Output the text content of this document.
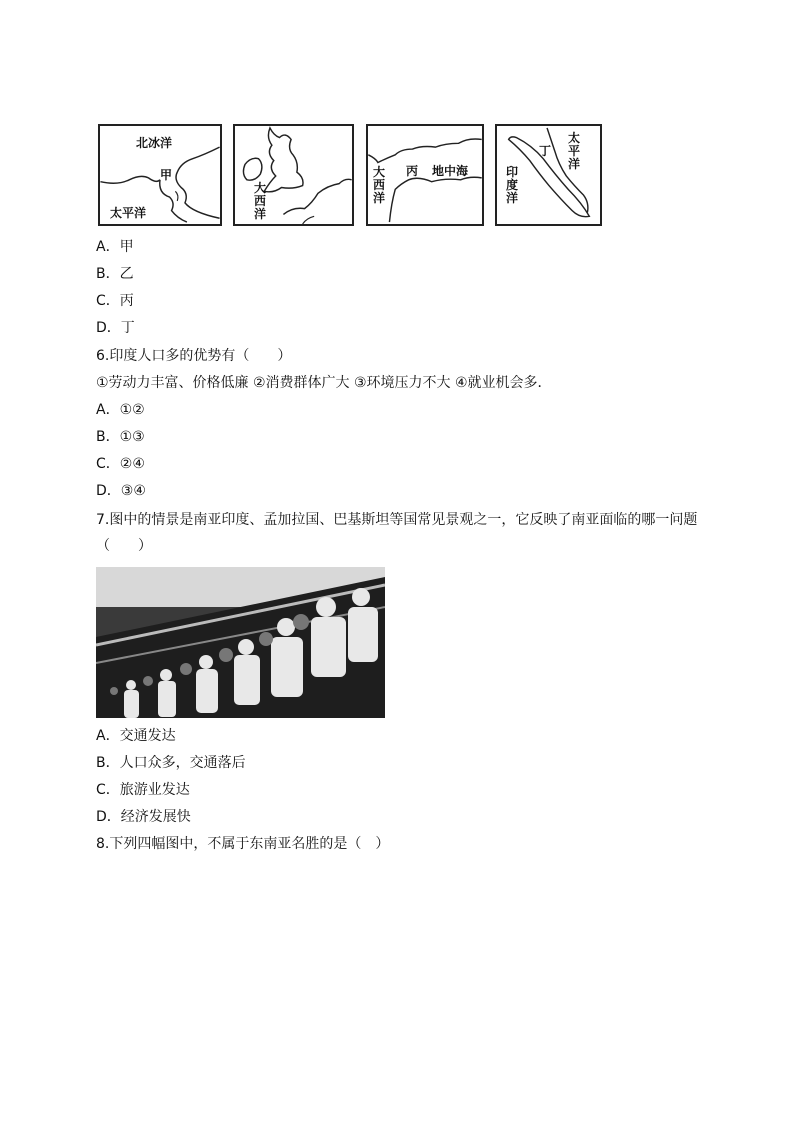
北冰洋
甲
太平洋
大西洋
大西洋
丙 地中海
太平洋
丁
印度洋
A．甲
B．乙
C．丙
D．丁
6.印度人口多的优势有（　　）
①劳动力丰富、价格低廉 ②消费群体广大 ③环境压力不大 ④就业机会多．
A．①②
B．①③
C．②④
D．③④
7.图中的情景是南亚印度、孟加拉国、巴基斯坦等国常见景观之一，它反映了南亚面临的哪一问题
（　　）
A．交通发达
B．人口众多，交通落后
C．旅游业发达
D．经济发展快
8.下列四幅图中，不属于东南亚名胜的是（　）
